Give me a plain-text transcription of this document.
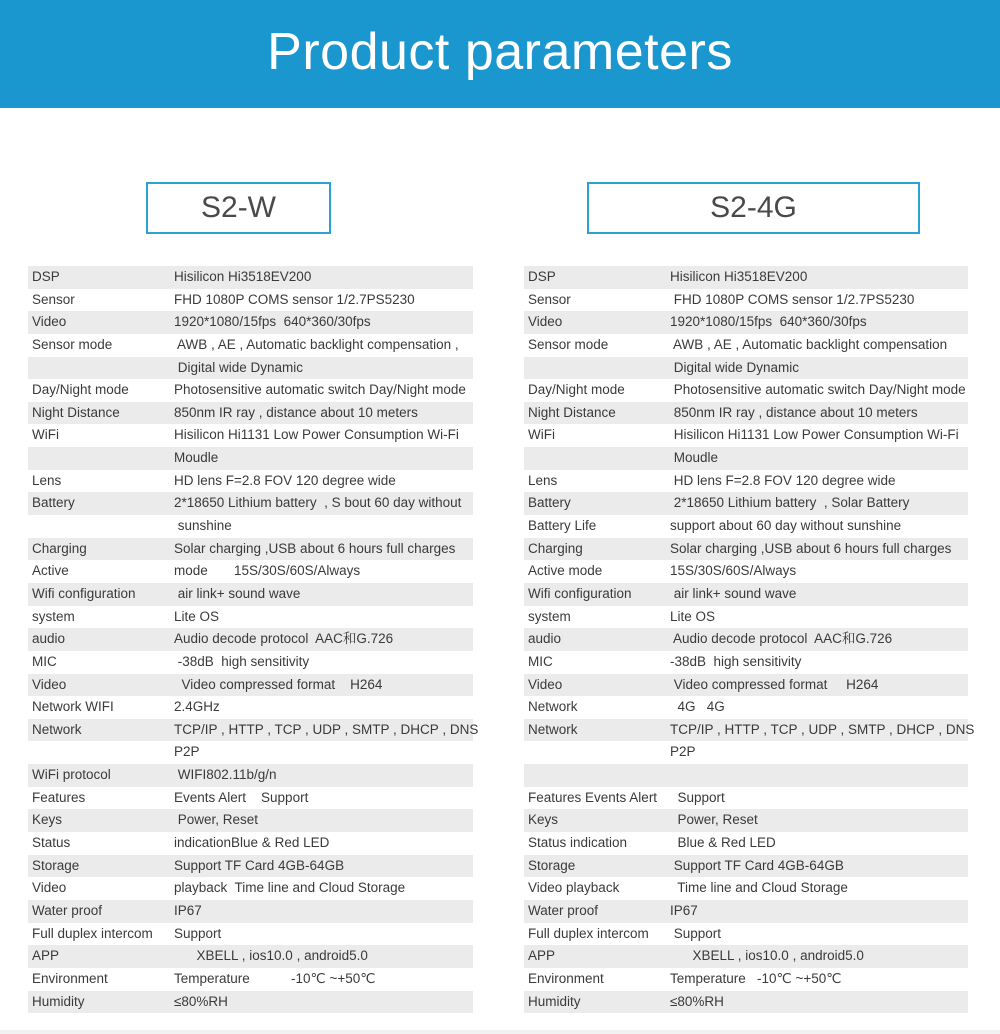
Product parameters
S2-W	S2-4G
DSP	Hisilicon Hi3518EV200
Sensor	FHD 1080P COMS sensor 1/2.7PS5230
Video	1920*1080/15fps  640*360/30fps
Sensor mode	AWB , AE , Automatic backlight compensation ,
Digital wide Dynamic
Day/Night mode	Photosensitive automatic switch Day/Night mode
Night Distance	850nm IR ray , distance about 10 meters
WiFi	Hisilicon Hi1131 Low Power Consumption Wi-Fi
Moudle
Lens	HD lens F=2.8 FOV 120 degree wide
Battery	2*18650 Lithium battery  , S bout 60 day without
sunshine
Charging	Solar charging ,USB about 6 hours full charges
Active	mode       15S/30S/60S/Always
Wifi configuration	air link+ sound wave
system	Lite OS
audio	Audio decode protocol  AAC和G.726
MIC	-38dB  high sensitivity
Video	Video compressed format    H264
Network WIFI	2.4GHz
Network	TCP/IP , HTTP , TCP , UDP , SMTP , DHCP , DNS
P2P
WiFi protocol	WIFI802.11b/g/n
Features	Events Alert    Support
Keys	Power, Reset
Status	indicationBlue & Red LED
Storage	Support TF Card 4GB-64GB
Video	playback  Time line and Cloud Storage
Water proof	IP67
Full duplex intercom Support
APP	XBELL , ios10.0 , android5.0
Environment	Temperature           -10℃ ~+50℃
Humidity	≤80%RH
DSP	Hisilicon Hi3518EV200
Sensor	FHD 1080P COMS sensor 1/2.7PS5230
Video	1920*1080/15fps  640*360/30fps
Sensor mode	AWB , AE , Automatic backlight compensation
Digital wide Dynamic
Day/Night mode	Photosensitive automatic switch Day/Night mode
Night Distance	850nm IR ray , distance about 10 meters
WiFi	Hisilicon Hi1131 Low Power Consumption Wi-Fi
Moudle
Lens	HD lens F=2.8 FOV 120 degree wide
Battery	2*18650 Lithium battery  , Solar Battery
Battery Life	support about 60 day without sunshine
Charging	Solar charging ,USB about 6 hours full charges
Active mode	15S/30S/60S/Always
Wifi configuration	air link+ sound wave
system	Lite OS
audio	Audio decode protocol  AAC和G.726
MIC	-38dB  high sensitivity
Video	Video compressed format     H264
Network	4G   4G
Network	TCP/IP , HTTP , TCP , UDP , SMTP , DHCP , DNS
P2P
Features Events Alert Support
Keys	Power, Reset
Status indication	Blue & Red LED
Storage	Support TF Card 4GB-64GB
Video playback	Time line and Cloud Storage
Water proof	IP67
Full duplex intercom Support
APP	XBELL , ios10.0 , android5.0
Environment	Temperature   -10℃ ~+50℃
Humidity	≤80%RH
